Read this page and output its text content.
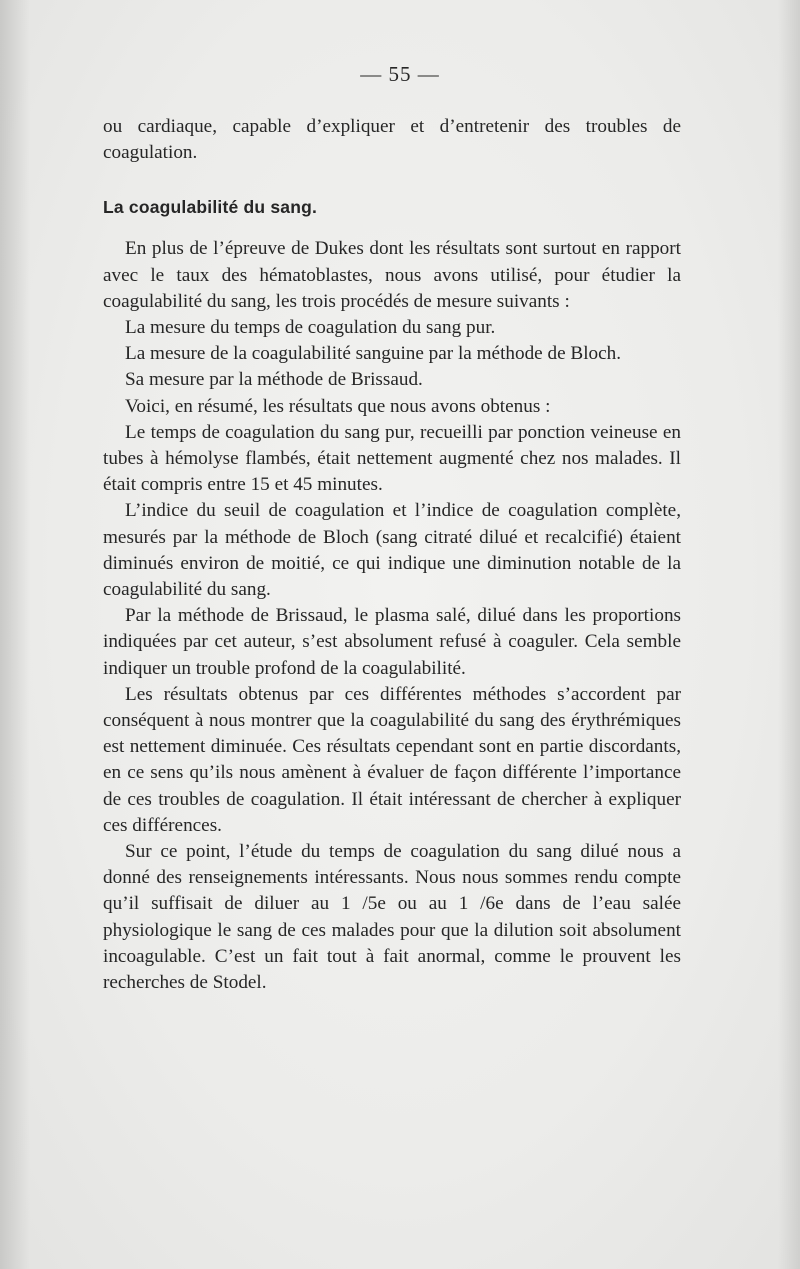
— 55 —

ou cardiaque, capable d’expliquer et d’entretenir des troubles de coagulation.

La coagulabilité du sang.

En plus de l’épreuve de Dukes dont les résultats sont surtout en rapport avec le taux des hématoblastes, nous avons utilisé, pour étudier la coagulabilité du sang, les trois procédés de mesure suivants :

La mesure du temps de coagulation du sang pur.

La mesure de la coagulabilité sanguine par la méthode de Bloch.

Sa mesure par la méthode de Brissaud.

Voici, en résumé, les résultats que nous avons obtenus :

Le temps de coagulation du sang pur, recueilli par ponction veineuse en tubes à hémolyse flambés, était nettement augmenté chez nos malades. Il était compris entre 15 et 45 minutes.

L’indice du seuil de coagulation et l’indice de coagulation complète, mesurés par la méthode de Bloch (sang citraté dilué et recalcifié) étaient diminués environ de moitié, ce qui indique une diminution notable de la coagulabilité du sang.

Par la méthode de Brissaud, le plasma salé, dilué dans les proportions indiquées par cet auteur, s’est absolument refusé à coaguler. Cela semble indiquer un trouble profond de la coagulabilité.

Les résultats obtenus par ces différentes méthodes s’accordent par conséquent à nous montrer que la coagulabilité du sang des érythrémiques est nettement diminuée. Ces résultats cependant sont en partie discordants, en ce sens qu’ils nous amènent à évaluer de façon différente l’importance de ces troubles de coagulation. Il était intéressant de chercher à expliquer ces différences.

Sur ce point, l’étude du temps de coagulation du sang dilué nous a donné des renseignements intéressants. Nous nous sommes rendu compte qu’il suffisait de diluer au 1 /5e ou au 1 /6e dans de l’eau salée physiologique le sang de ces malades pour que la dilution soit absolument incoagulable. C’est un fait tout à fait anormal, comme le prouvent les recherches de Stodel.
